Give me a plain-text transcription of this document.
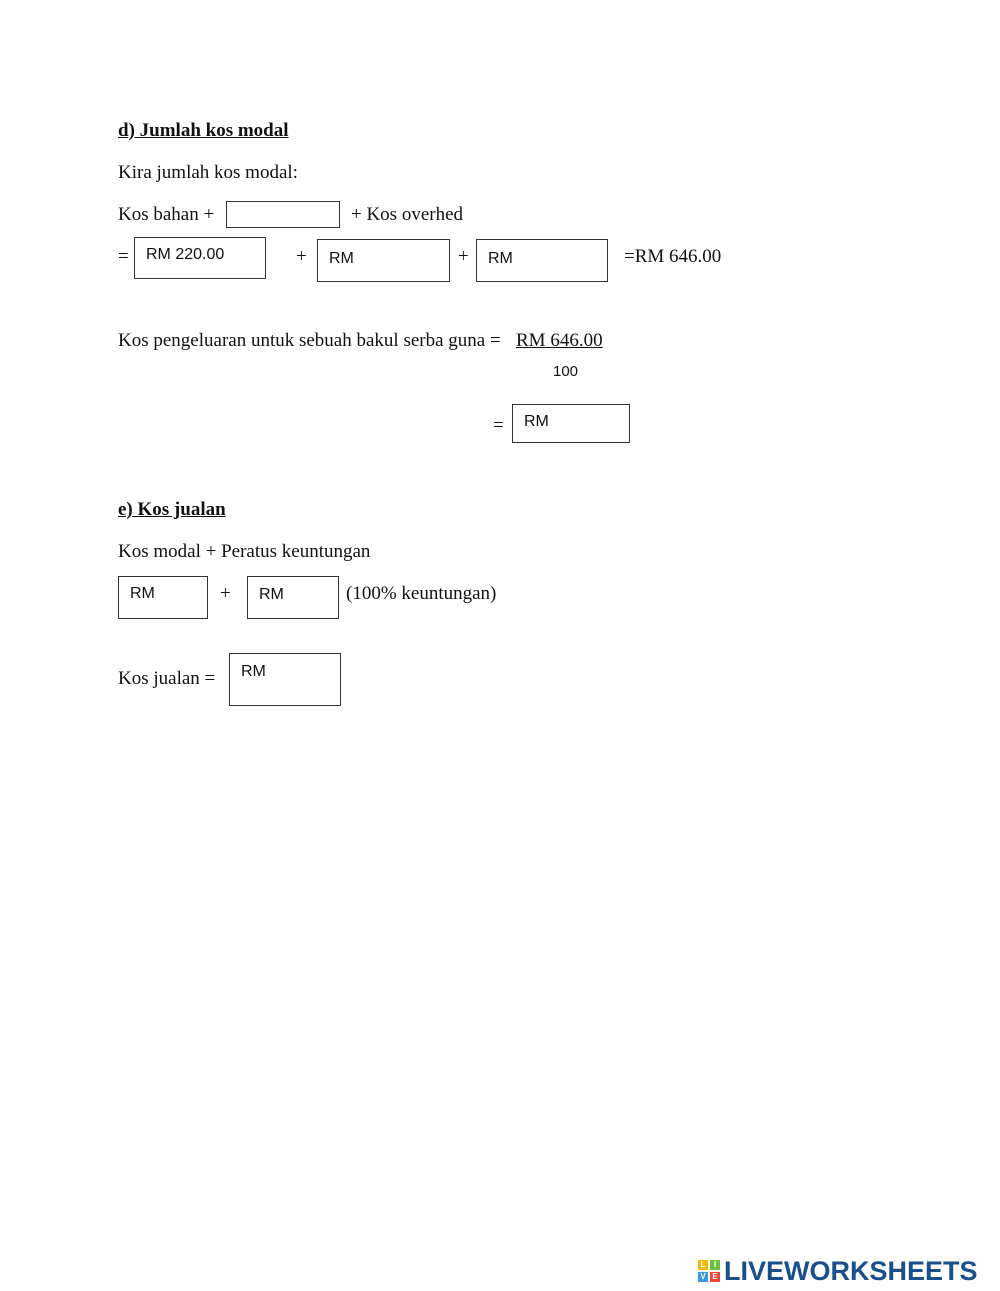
d) Jumlah kos modal
Kira jumlah kos modal:
Kos bahan +	+ Kos overhed
= RM 220.00	+ RM	+ RM	=RM 646.00
Kos pengeluaran untuk sebuah bakul serba guna = RM 646.00
100
= RM
e) Kos jualan
Kos modal + Peratus keuntungan
RM	+ RM	(100% keuntungan)
Kos jualan = RM
L	I
V E LIVEWORKSHEETS
